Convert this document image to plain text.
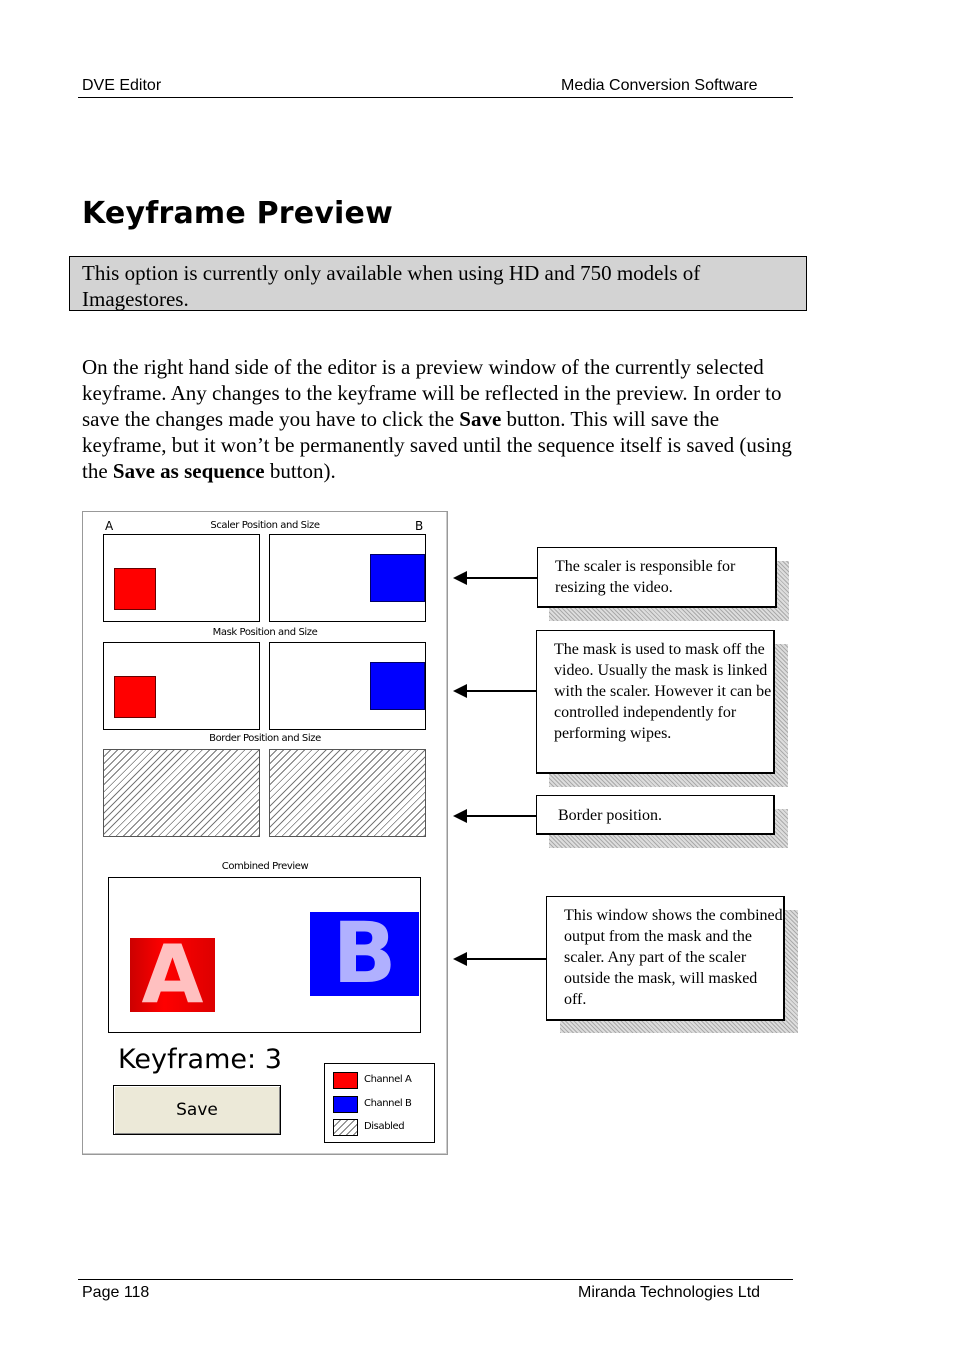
DVE Editor	Media Conversion Software
Keyframe Preview
This option is currently only available when using HD and 750 models of Imagestores.

On the right hand side of the editor is a preview window of the currently selected keyframe. Any changes to the keyframe will be reflected in the preview. In order to save the changes made you have to click the Save button. This will save the keyframe, but it won’t be permanently saved until the sequence itself is saved (using the Save as sequence button).

A	B
Scaler Position and Size
Mask Position and Size
Border Position and Size
Combined Preview
A B
Keyframe: 3
Save
Channel A
Channel B
Disabled
The scaler is responsible for resizing the video.
The mask is used to mask off the video. Usually the mask is linked with the scaler. However it can be controlled independently for performing wipes.
Border position.
This window shows the combined output from the mask and the scaler. Any part of the scaler outside the mask, will masked off.
Page 118	Miranda Technologies Ltd
